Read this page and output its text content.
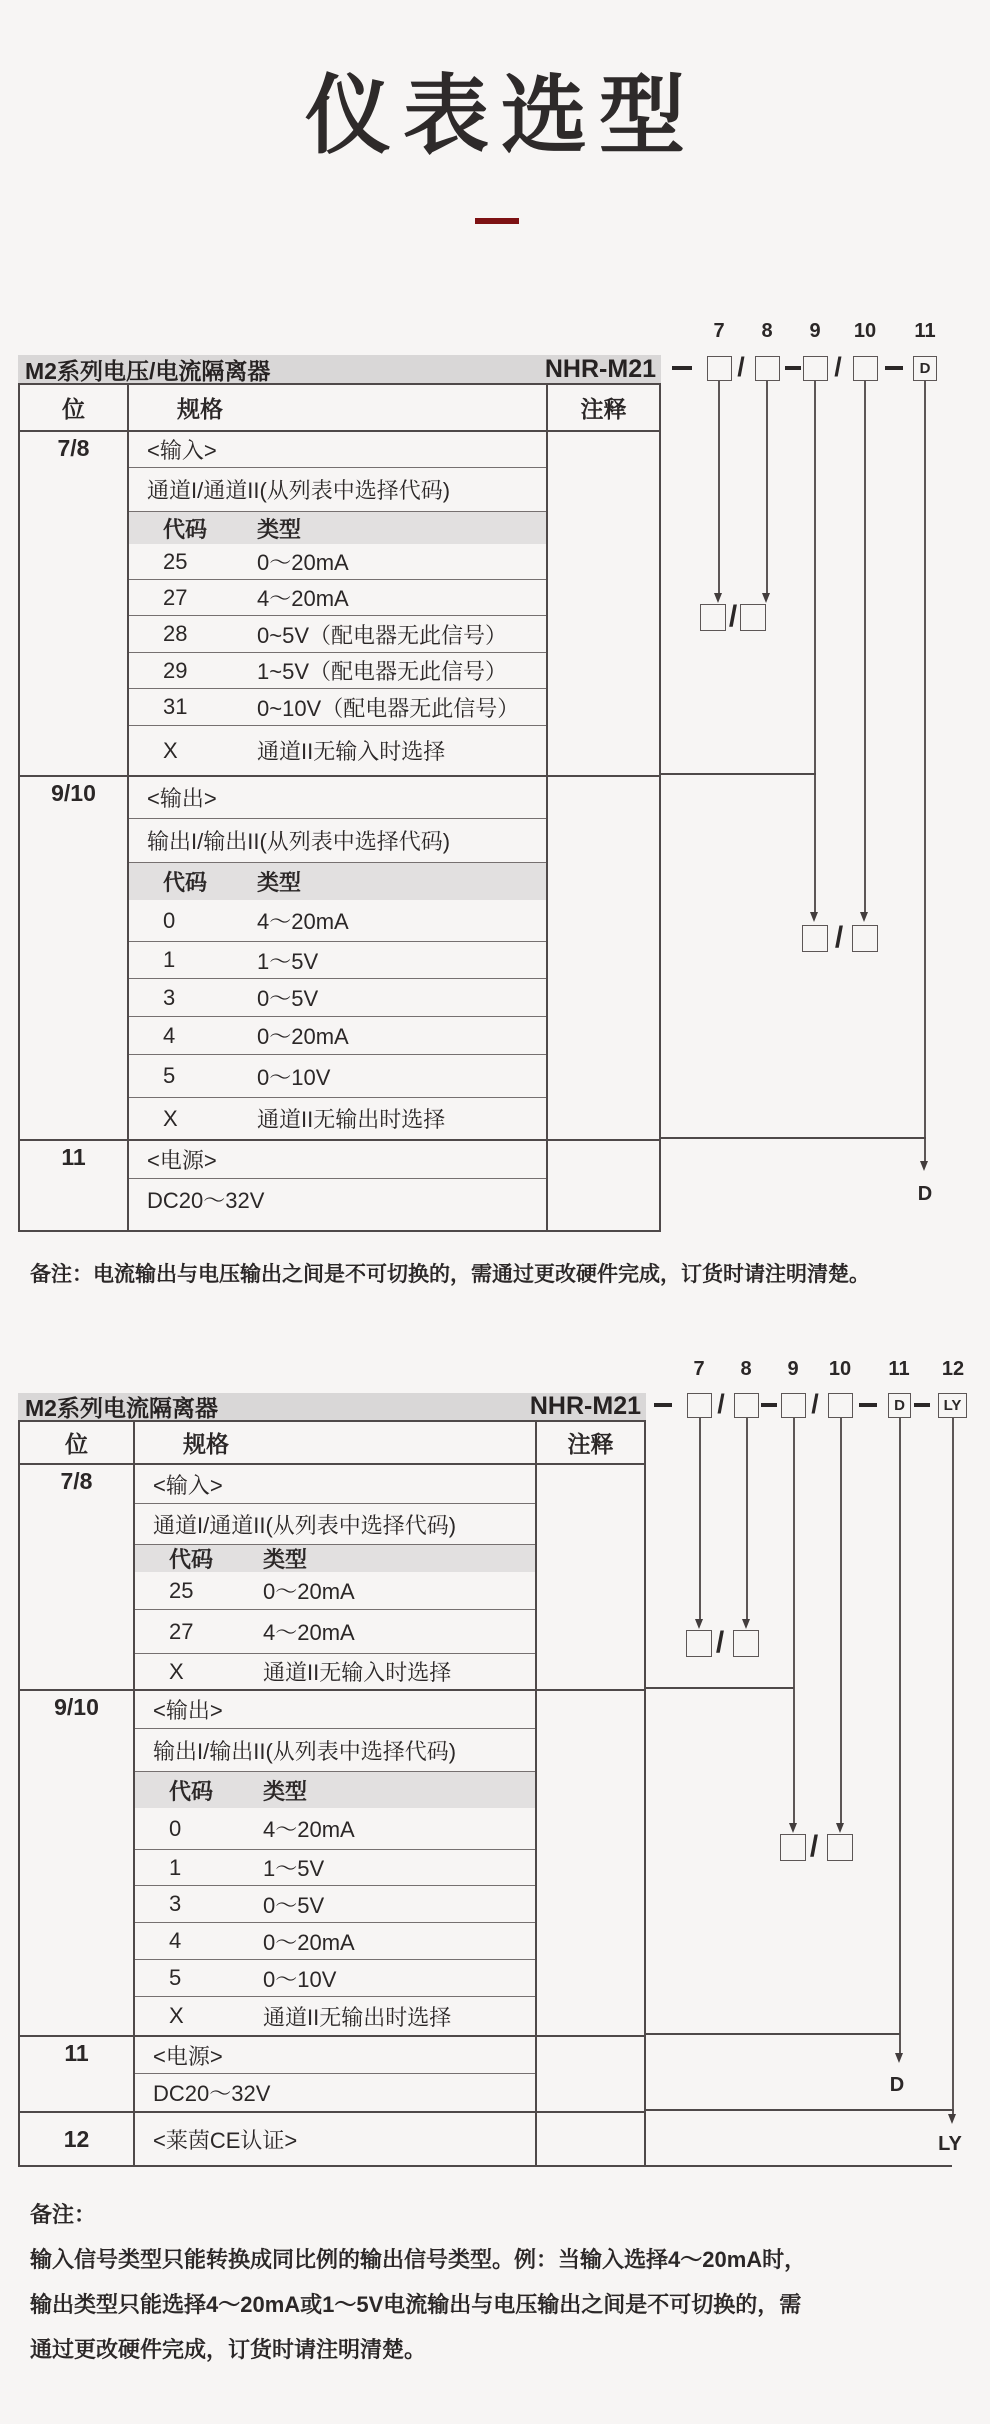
仪表选型
M2系列电压/电流隔离器	NHR-M21
位	规格	注释
7/8	<输入>
通道I/通道II(从列表中选择代码)
代码	类型
25	0〜20mA
27	4〜20mA
28	0~5V（配电器无此信号）
29	1~5V（配电器无此信号）
31	0~10V（配电器无此信号）
X	通道II无输入时选择
9/10	<输出>
输出I/输出II(从列表中选择代码)
代码	类型
0	4〜20mA
1	1〜5V
3	0〜5V
4	0〜20mA
5	0〜10V
X	通道II无输出时选择
11	<电源>
DC20〜32V
7	8	9	10	11
/	/	D
/
/
D
备注：电流输出与电压输出之间是不可切换的，需通过更改硬件完成，订货时请注明清楚。
M2系列电流隔离器	NHR-M21
位	规格	注释
7/8	<输入>
通道I/通道II(从列表中选择代码)
代码	类型
25	0〜20mA
27	4〜20mA
X	通道II无输入时选择
9/10	<输出>
输出I/输出II(从列表中选择代码)
代码	类型
0	4〜20mA
1	1〜5V
3	0〜5V
4	0〜20mA
5	0〜10V
X	通道II无输出时选择
11	<电源>
DC20〜32V
12	<莱茵CE认证>
7	8	9	10	11	12
/	/	D	LY
/
/
D
LY
备注：
输入信号类型只能转换成同比例的输出信号类型。例：当输入选择4〜20mA时，
输出类型只能选择4〜20mA或1〜5V电流输出与电压输出之间是不可切换的，需
通过更改硬件完成，订货时请注明清楚。
